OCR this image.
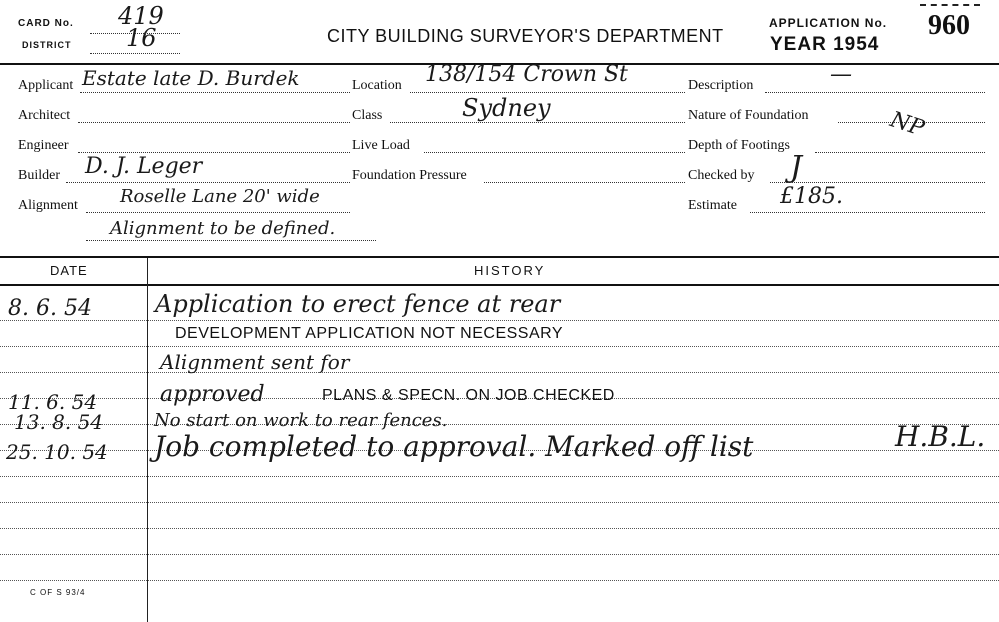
CARD No. 419
DISTRICT 16	CITY BUILDING SURVEYOR'S DEPARTMENT
APPLICATION No. 960
YEAR 1954
Applicant Estate late D. Burdek	Location 138/154 Crown St	Description	—
Architect	Class	Sydney	Nature of Foundation	NP
Engineer	Live Load	Depth of Footings
Builder D. J. Leger	Foundation Pressure	Checked by J
Alignment Roselle Lane 20' wide	Estimate £185.
Alignment to be defined.
DATE	HISTORY
8. 6. 54	Application to erect fence at rear
DEVELOPMENT APPLICATION NOT NECESSARY
Alignment sent for
11. 6. 54	approved	PLANS & SPECN. ON JOB CHECKED
13. 8. 54	No start on work to rear fences.
25. 10. 54 Job completed to approval. Marked off list	H.B.L.
C OF S 93/4
